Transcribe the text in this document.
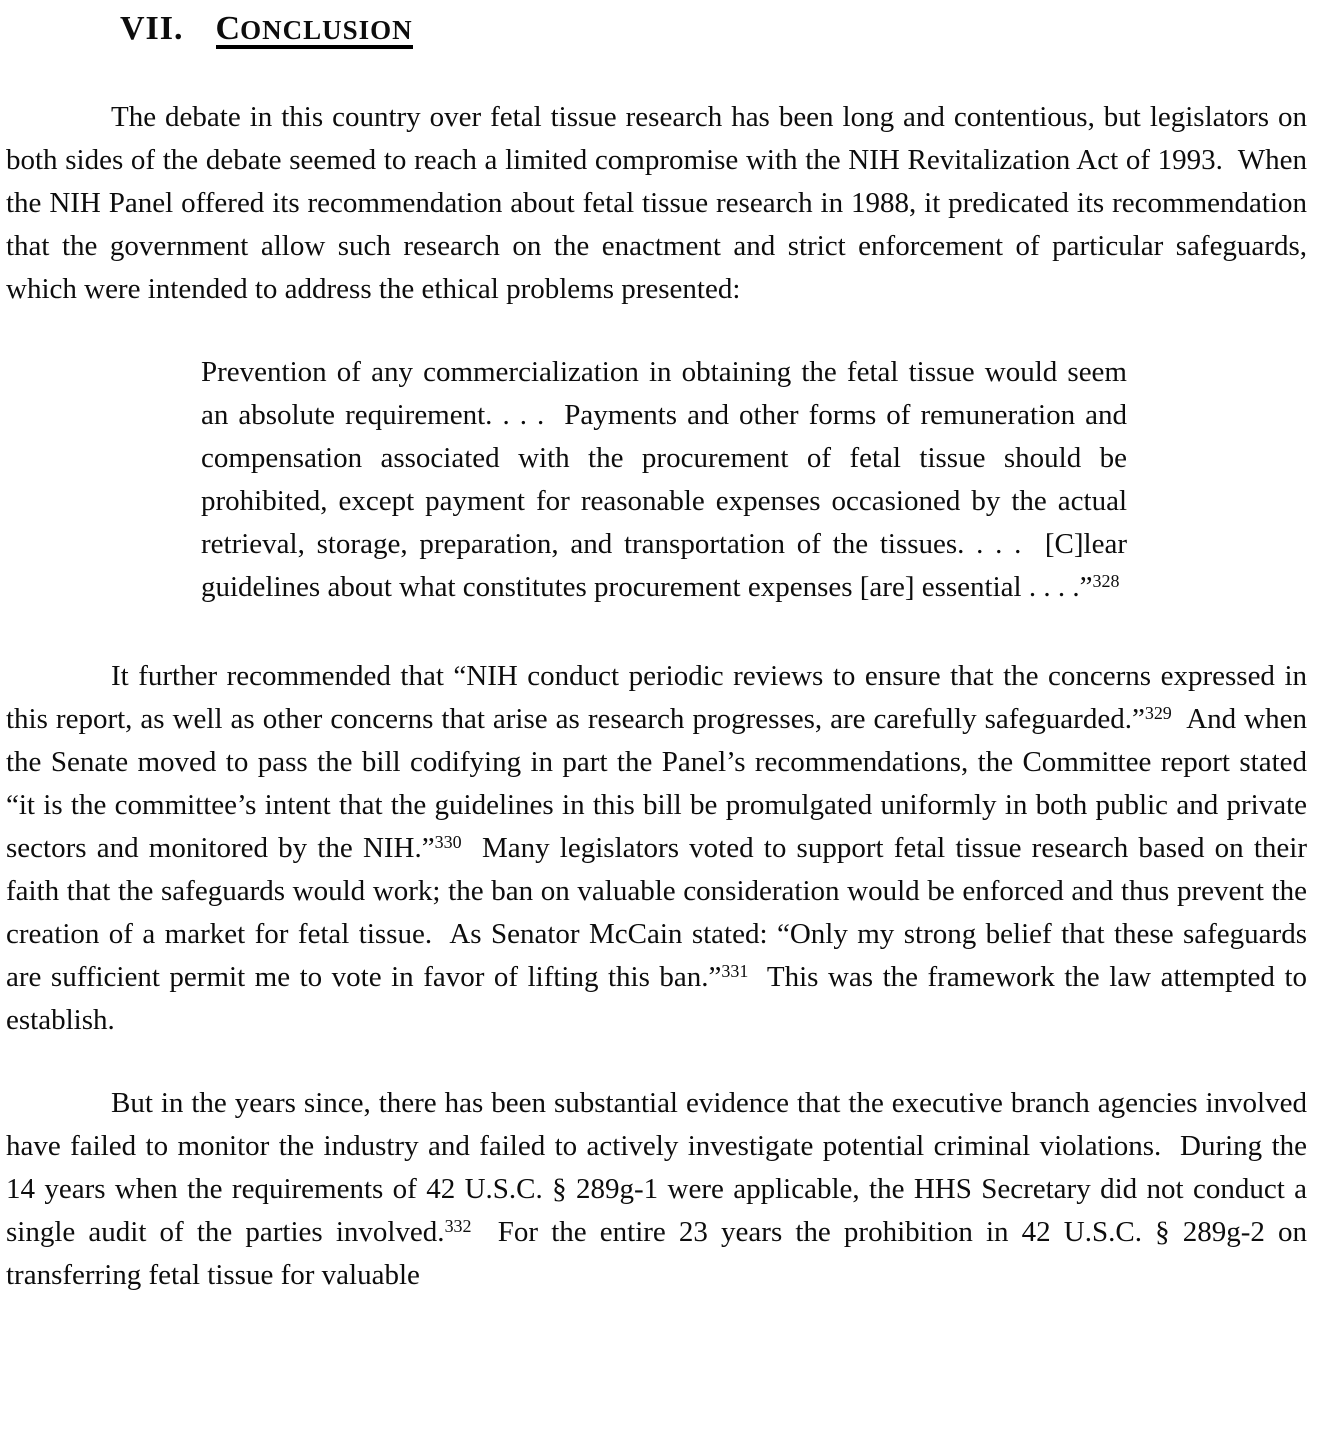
VII. CONCLUSION

The debate in this country over fetal tissue research has been long and contentious, but legislators on both sides of the debate seemed to reach a limited compromise with the NIH Revitalization Act of 1993.  When the NIH Panel offered its recommendation about fetal tissue research in 1988, it predicated its recommendation that the government allow such research on the enactment and strict enforcement of particular safeguards, which were intended to address the ethical problems presented:

Prevention of any commercialization in obtaining the fetal tissue would seem an absolute requirement. . . .  Payments and other forms of remuneration and compensation associated with the procurement of fetal tissue should be prohibited, except payment for reasonable expenses occasioned by the actual retrieval, storage, preparation, and transportation of the tissues. . . .  [C]lear guidelines about what constitutes procurement expenses [are] essential . . . .”$^{328}$

It further recommended that “NIH conduct periodic reviews to ensure that the concerns expressed in this report, as well as other concerns that arise as research progresses, are carefully safeguarded.”$^{329}$  And when the Senate moved to pass the bill codifying in part the Panel’s recommendations, the Committee report stated “it is the committee’s intent that the guidelines in this bill be promulgated uniformly in both public and private sectors and monitored by the NIH.”$^{330}$  Many legislators voted to support fetal tissue research based on their faith that the safeguards would work; the ban on valuable consideration would be enforced and thus prevent the creation of a market for fetal tissue.  As Senator McCain stated: “Only my strong belief that these safeguards are sufficient permit me to vote in favor of lifting this ban.”$^{331}$  This was the framework the law attempted to establish.

But in the years since, there has been substantial evidence that the executive branch agencies involved have failed to monitor the industry and failed to actively investigate potential criminal violations.  During the 14 years when the requirements of 42 U.S.C. § 289g-1 were applicable, the HHS Secretary did not conduct a single audit of the parties involved.$^{332}$  For the entire 23 years the prohibition in 42 U.S.C. § 289g-2 on transferring fetal tissue for valuable
